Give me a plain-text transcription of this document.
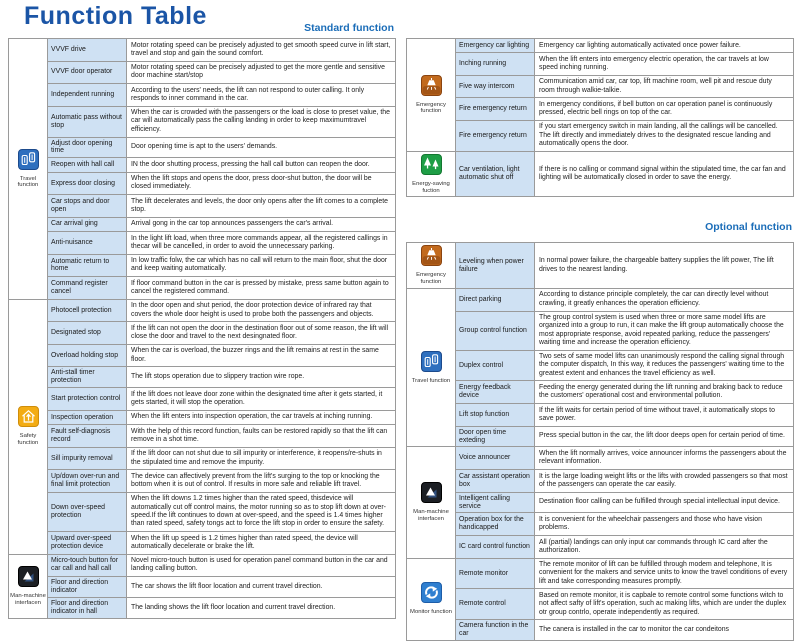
Function Table	Standard function
Travel function	VVVF drive	Motor rotating speed can be precisely adjusted to get smooth speed curve in lift start, travel and stop and gain the sound comfort.
	VVVF door operator	Motor rotating speed can be precisely adjusted to get the more gentle and sensitive door machine start/stop
	Independent running	According to the users' needs, the lift can not respond to outer calling. It only responds to inner command in the car.
	Automatic pass without stop	When the car is crowded with the passengers or the load is close to preset value, the car will automatically pass the calling landing in order to keep maximumtravel efficiency.
	Adjust door opening time	Door opening time is apt to the users' demands.
	Reopen with hall call	IN the door shutting process, pressing the hall call button can reopen the door.
	Express door closing	When the lift stops and opens the door, press door-shut button, the door will be closed immediately.
	Car stops and door open	The lift decelerates and levels, the door only opens after the lift comes to a complete stop.
	Car arrival ging	Arrival gong in the car top announces passengers the car's arrival.
	Anti-nuisance	In the light lift load, when three more commands appear, all the registered callings in thecar will be cancelled, in order to avoid the unnecessary parking.
	Automatic return to home	In low traffic folw, the car which has no call will return to the main floor, shut the door and keep waiting automatically.
	Command register cancel	If floor command button in the car is pressed by mistake, press same button again to cancel the registered command.

Safety function	Photocell protection	In the door open and shut period, the door protection device of infrared ray that covers the whole door height is used to probe both the passengers and objects.
	Designated stop	If the lift can not open the door in the destination floor out of some reason, the lift will close the door and travel to the next desingnated floor.
	Overload holding stop	When the car is overload, the buzzer rings and the lift remains at rest in the same floor.
	Anti-stall timer protection	The lift stops operation due to slippery traction wire rope.
	Start protection control	If the lift does not leave door zone within the designated time after it gets started, it gets started, it will stop the operation.
	Inspection operation	When the lift enters into inspection operation, the car travels at inching running.
	Fault self-diagnosis record	With the help of this record function, faults can be restored rapidly so that the lift can remove in a shot time.
	Sill impurity removal	If the lift door can not shut due to sill impurity or interference, it reopens/re-shuts in the stipulated time and remove the impurity.
	Up/down over-run and final limit protection	The device can affectively prevent from the lift's surging to the top or knocking the bottom when it is out of control. If results in more safe and reliable lift travel.
	Down over-speed protection	When the lift downs 1.2 times higher than the rated speed, thisdevice will automatically cut off control mains, the motor running so as to stop lift down at over-speed.If the lift continues to down at over-speed, and the speed is 1.4 times higher than rated speed, safety tongs act to force the lift stop in order to ensure the safety.
	Upward over-speed protection device	When the lift up speed is 1.2 times higher than rated speed, the device will automatically decelerate or brake the lift.

Man-machine interfacen	Micro-touch button for car call and hall call	Novel micro-touch button is used for operation panel command button in the car and landing calling button.
	Floor and direction indicator	The car shows the lift floor location and current travel direction.
	Floor and direction indicator in hall	The landing shows the lift floor location and current travel direction.
Emergency function	Emergency car lighting	Emergency car lighting automatically activated once power failure.
	Inching running	When the lift enters into emergency electric operation, the car travels at low speed inching running.
	Five way intercom	Communication amid car, car top, lift machine room, well pit and rescue duty room through walkie-talkie.
	Fire emergency return	In emergency conditions, if bell button on car operation panel is continuously pressed, electric bell rings on top of the car.
	Fire emergency return	If you start emergency switch in main landing, all the callings will be cancelled. The lift directly and immediately drives to the designated rescue landing and automatically opens the door.

Energy-saving fuction	Car ventilation, light automatic shut off	If there is no calling or command signal within the stipulated time, the car fan and lighting will be automatically closed in order to save the energy.
Optional function
Emergency function	Leveling when power failure	In normal power failure, the chargeable battery supplies the lift power, The lift drives to the nearest landing.

Travel function	Direct parking	According to distance principle completely, the car can directly level without crawling, it greatly enhances the operation efficiency.
	Group control function	The group control system is used when three or more same model lifts are organized into a group to run, it can make the lift group automatically choose the most appropriate response, avoid repeated parking, reduce the passengers' waiting time and increase the operation efficiency.
	Duplex control	Two sets of same model lifts can unanimously respond the calling signal through the computer dispatch, In this way, it reduces the passengers' waiting time to the greatest extent and enhances the travel efficiency as well.
	Energy feedback device	Feeding the energy generated during the lift running and braking back to reduce the customers' operational cost and environmental pollution.
	Lift stop function	If the lift waits for certain period of time without travel, it automatically stops to save power.
	Door open time exteding	Press special button in the car, the lift door deeps open for certain period of time.

Man-machine interfacen	Voice announcer	When the lift normally arrives, voice announcer informs the passengers about the relevant information.
	Car assistant operation box	It is the large loading weight lifts or the lifts with crowded passengers so that most of the passengers can operate the car easily.
	Intelligent calling service	Destination floor calling can be fulfilled through special intellectual input device.
	Operation box for the handicapped	It is convenient for the wheelchair passengers and those who have vision problems.
	IC card control function	All (partial) landings can only input car commands through IC card after the authorization.

Monitor function	Remote monitor	The remote monitor of lift can be fulfilled through modem and telephone, It is convenient for the makers and service units to know the travel conditions of every lift and take corresponding measures promptly.
	Remote control	Based on remote monitor, it is capbale to remote control some functions witch to not affect safty of lift's operation, such ac making lifts, which are under the duplex otr group contrlo, operate independently as required.
	Camera function in the car	The canera is installed in the car to monitor the car condeitons
